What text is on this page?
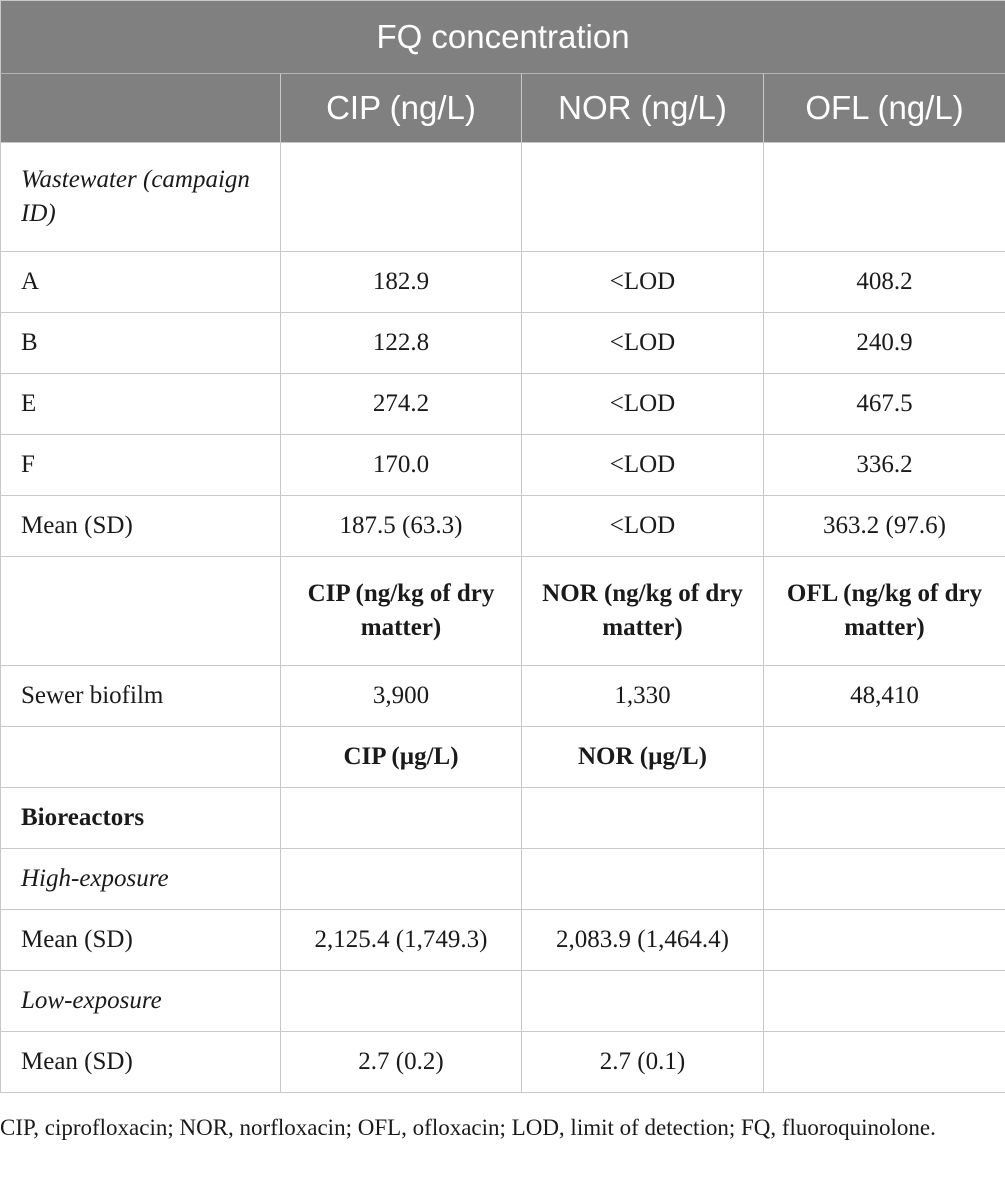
FQ concentration			
	CIP (ng/L)	NOR (ng/L)	OFL (ng/L)
Wastewater (campaign ID)			
A	182.9	<LOD	408.2
B	122.8	<LOD	240.9
E	274.2	<LOD	467.5
F	170.0	<LOD	336.2
Mean (SD)	187.5 (63.3)	<LOD	363.2 (97.6)
	CIP (ng/kg of dry matter)	NOR (ng/kg of dry matter)	OFL (ng/kg of dry matter)
Sewer biofilm	3,900	1,330	48,410
	CIP (µg/L)	NOR (µg/L)	
Bioreactors			
High-exposure			
Mean (SD)	2,125.4 (1,749.3)	2,083.9 (1,464.4)	
Low-exposure			
Mean (SD)	2.7 (0.2)	2.7 (0.1)	
CIP, ciprofloxacin; NOR, norfloxacin; OFL, ofloxacin; LOD, limit of detection; FQ, fluoroquinolone.
